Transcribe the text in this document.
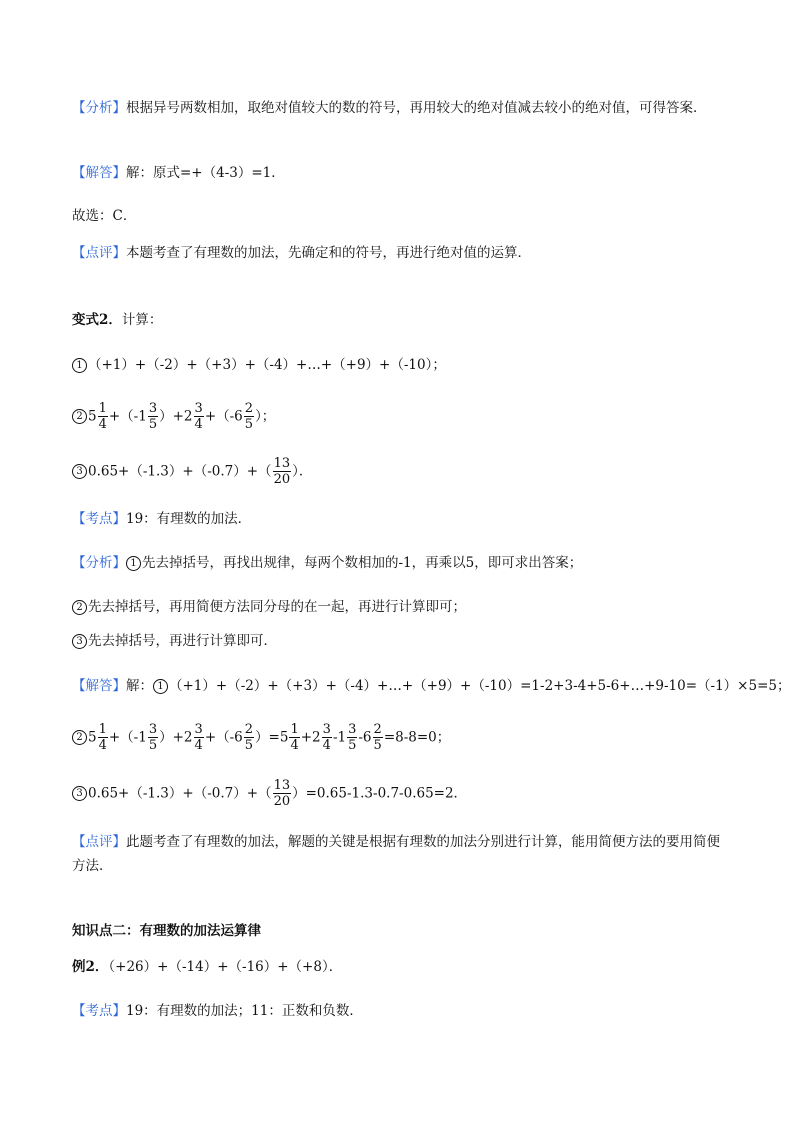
【分析】根据异号两数相加，取绝对值较大的数的符号，再用较大的绝对值减去较小的绝对值，可得答案．
【解答】解：原式=+（4-3）=1．
故选：C．
【点评】本题考查了有理数的加法，先确定和的符号，再进行绝对值的运算．
变式2．计算：
1 （+1）+（-2）+（+3）+（-4）+…+（+9）+（-10）；
2 $5 \frac{1}{4} +(-1 \frac{3}{5} )+2 \frac{3}{4} +(-6 \frac{2}{5}$ ）；
3 $0.65+(-1.3)+(-0.7)+( \frac{13}{20}$ ）．
【考点】19：有理数的加法．
【分析】 1 先去掉括号，再找出规律，每两个数相加的-1，再乘以5，即可求出答案；
2 先去掉括号，再用简便方法同分母的在一起，再进行计算即可；
3 先去掉括号，再进行计算即可．
【解答】解： 1 （+1）+（-2）+（+3）+（-4）+…+（+9）+（-10）=1-2+3-4+5-6+…+9-10=（-1）×5=5；
2 $5 \frac{1}{4} +(-1 \frac{3}{5} )+2 \frac{3}{4} +(-6 \frac{2}{5} )=5 \frac{1}{4} +2 \frac{3}{4} -1 \frac{3}{5} -6 \frac{2}{5} =8-8=0$；
3 $0.65+(-1.3)+(-0.7)+( \frac{13}{20} )=0.65-1.3-0.7-0.65=2$．
【点评】此题考查了有理数的加法，解题的关键是根据有理数的加法分别进行计算，能用简便方法的要用简便方法．
知识点二：有理数的加法运算律
例2．（+26）+（-14）+（-16）+（+8）．
【考点】19：有理数的加法；11：正数和负数．
